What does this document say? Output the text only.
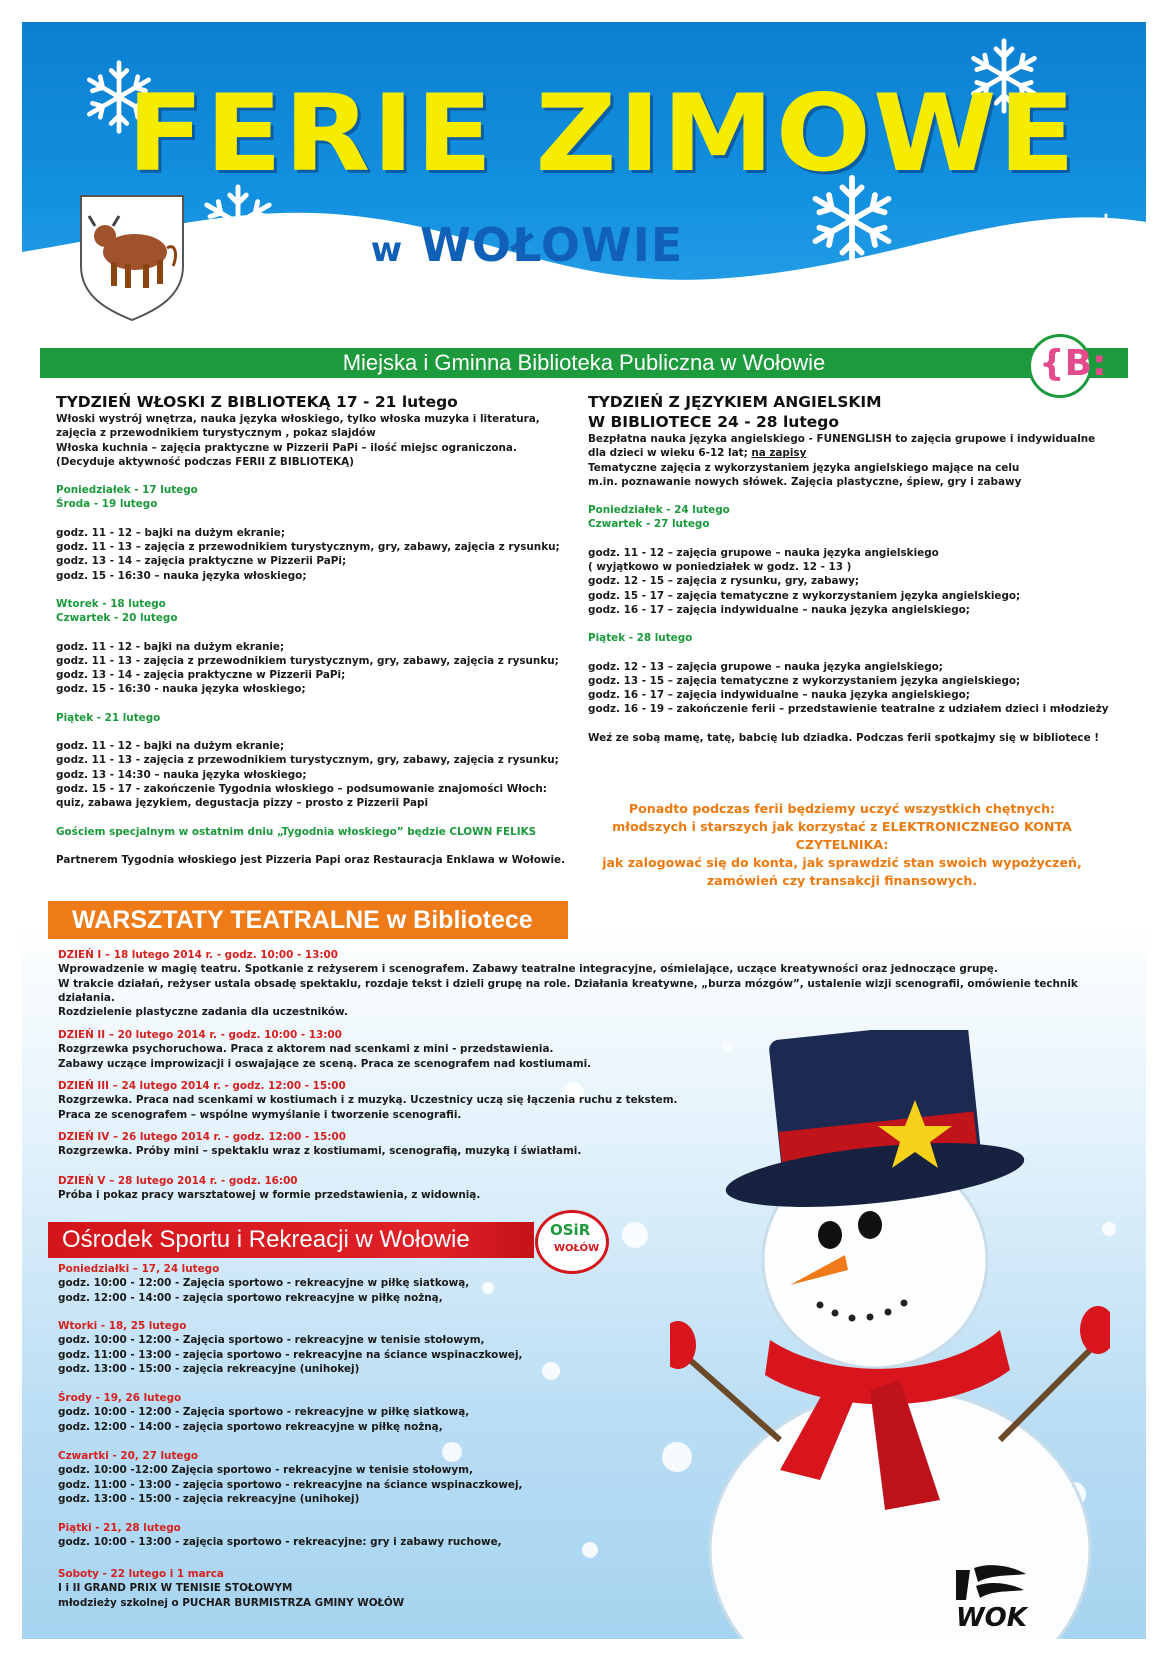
FERIE ZIMOWE
w WOŁOWIE
Miejska i Gminna Biblioteka Publiczna w Wołowie	{B:
TYDZIEŃ WŁOSKI Z BIBLIOTEKĄ 17 - 21 lutego
Włoski wystrój wnętrza, nauka języka włoskiego, tylko włoska muzyka i literatura,
zajęcia z przewodnikiem turystycznym , pokaz slajdów
Włoska kuchnia – zajęcia praktyczne w Pizzerii PaPi – ilość miejsc ograniczona.
(Decyduje aktywność podczas FERII Z BIBLIOTEKĄ)
Poniedziałek - 17 lutego
Środa - 19 lutego
godz. 11 - 12 – bajki na dużym ekranie;
godz. 11 - 13 – zajęcia z przewodnikiem turystycznym, gry, zabawy, zajęcia z rysunku;
godz. 13 - 14 – zajęcia praktyczne w Pizzerii PaPi;
godz. 15 - 16:30 – nauka języka włoskiego;
Wtorek - 18 lutego
Czwartek - 20 lutego
godz. 11 - 12 - bajki na dużym ekranie;
godz. 11 - 13 - zajęcia z przewodnikiem turystycznym, gry, zabawy, zajęcia z rysunku;
godz. 13 - 14 - zajęcia praktyczne w Pizzerii PaPi;
godz. 15 - 16:30 - nauka języka włoskiego;
Piątek - 21 lutego
godz. 11 - 12 - bajki na dużym ekranie;
godz. 11 - 13 - zajęcia z przewodnikiem turystycznym, gry, zabawy, zajęcia z rysunku;
godz. 13 - 14:30 – nauka języka włoskiego;
godz. 15 - 17 - zakończenie Tygodnia włoskiego – podsumowanie znajomości Włoch:
quiz, zabawa językiem, degustacja pizzy – prosto z Pizzerii Papi
Gościem specjalnym w ostatnim dniu „Tygodnia włoskiego” będzie CLOWN FELIKS
Partnerem Tygodnia włoskiego jest Pizzeria Papi oraz Restauracja Enklawa w Wołowie.
TYDZIEŃ Z JĘZYKIEM ANGIELSKIM
W BIBLIOTECE 24 - 28 lutego
Bezpłatna nauka języka angielskiego - FUNENGLISH to zajęcia grupowe i indywidualne
dla dzieci w wieku 6-12 lat; na zapisy
Tematyczne zajęcia z wykorzystaniem języka angielskiego mające na celu
m.in. poznawanie nowych słówek. Zajęcia plastyczne, śpiew, gry i zabawy
Poniedziałek - 24 lutego
Czwartek - 27 lutego
godz. 11 - 12 – zajęcia grupowe – nauka języka angielskiego
( wyjątkowo w poniedziałek w godz. 12 - 13 )
godz. 12 - 15 – zajęcia z rysunku, gry, zabawy;
godz. 15 - 17 – zajęcia tematyczne z wykorzystaniem języka angielskiego;
godz. 16 - 17 – zajęcia indywidualne – nauka języka angielskiego;
Piątek - 28 lutego
godz. 12 - 13 – zajęcia grupowe – nauka języka angielskiego;
godz. 13 - 15 – zajęcia tematyczne z wykorzystaniem języka angielskiego;
godz. 16 - 17 – zajęcia indywidualne – nauka języka angielskiego;
godz. 16 - 19 – zakończenie ferii – przedstawienie teatralne z udziałem dzieci i młodzieży
Weź ze sobą mamę, tatę, babcię lub dziadka. Podczas ferii spotkajmy się w bibliotece !
Ponadto podczas ferii będziemy uczyć wszystkich chętnych:
młodszych i starszych jak korzystać z ELEKTRONICZNEGO KONTA CZYTELNIKA:
jak zalogować się do konta, jak sprawdzić stan swoich wypożyczeń,
zamówień czy transakcji finansowych.
WARSZTATY TEATRALNE w Bibliotece
DZIEŃ I – 18 lutego 2014 r. - godz. 10:00 - 13:00
Wprowadzenie w magię teatru. Spotkanie z reżyserem i scenografem. Zabawy teatralne integracyjne, ośmielające, uczące kreatywności oraz jednoczące grupę.
W trakcie działań, reżyser ustala obsadę spektaklu, rozdaje tekst i dzieli grupę na role. Działania kreatywne, „burza mózgów”, ustalenie wizji scenografii, omówienie technik działania.
Rozdzielenie plastyczne zadania dla uczestników.
DZIEŃ II – 20 lutego 2014 r. - godz. 10:00 - 13:00
Rozgrzewka psychoruchowa. Praca z aktorem nad scenkami z mini - przedstawienia.
Zabawy uczące improwizacji i oswajające ze sceną. Praca ze scenografem nad kostiumami.
DZIEŃ III – 24 lutego 2014 r. - godz. 12:00 - 15:00
Rozgrzewka. Praca nad scenkami w kostiumach i z muzyką. Uczestnicy uczą się łączenia ruchu z tekstem.
Praca ze scenografem – wspólne wymyślanie i tworzenie scenografii.
DZIEŃ IV – 26 lutego 2014 r. - godz. 12:00 - 15:00
Rozgrzewka. Próby mini – spektaklu wraz z kostiumami, scenografią, muzyką i światłami.
DZIEŃ V – 28 lutego 2014 r. - godz. 16:00
Próba i pokaz pracy warsztatowej w formie przedstawienia, z widownią.
Ośrodek Sportu i Rekreacji w Wołowie	OSiR
WOŁÓW
Poniedziałki – 17, 24 lutego
godz. 10:00 - 12:00 - Zajęcia sportowo - rekreacyjne w piłkę siatkową,
godz. 12:00 - 14:00 - zajęcia sportowo rekreacyjne w piłkę nożną,
Wtorki - 18, 25 lutego
godz. 10:00 - 12:00 - Zajęcia sportowo - rekreacyjne w tenisie stołowym,
godz. 11:00 - 13:00 - zajęcia sportowo - rekreacyjne na ściance wspinaczkowej,
godz. 13:00 - 15:00 - zajęcia rekreacyjne (unihokej)
Środy - 19, 26 lutego
godz. 10:00 - 12:00 - Zajęcia sportowo - rekreacyjne w piłkę siatkową,
godz. 12:00 - 14:00 - zajęcia sportowo rekreacyjne w piłkę nożną,
Czwartki - 20, 27 lutego
godz. 10:00 -12:00 Zajęcia sportowo - rekreacyjne w tenisie stołowym,
godz. 11:00 - 13:00 - zajęcia sportowo - rekreacyjne na ściance wspinaczkowej,
godz. 13:00 - 15:00 - zajęcia rekreacyjne (unihokej)
Piątki - 21, 28 lutego
godz. 10:00 - 13:00 - zajęcia sportowo - rekreacyjne: gry i zabawy ruchowe,
Soboty - 22 lutego i 1 marca
I i II GRAND PRIX W TENISIE STOŁOWYM
młodzieży szkolnej o PUCHAR BURMISTRZA GMINY WOŁÓW
WOK
